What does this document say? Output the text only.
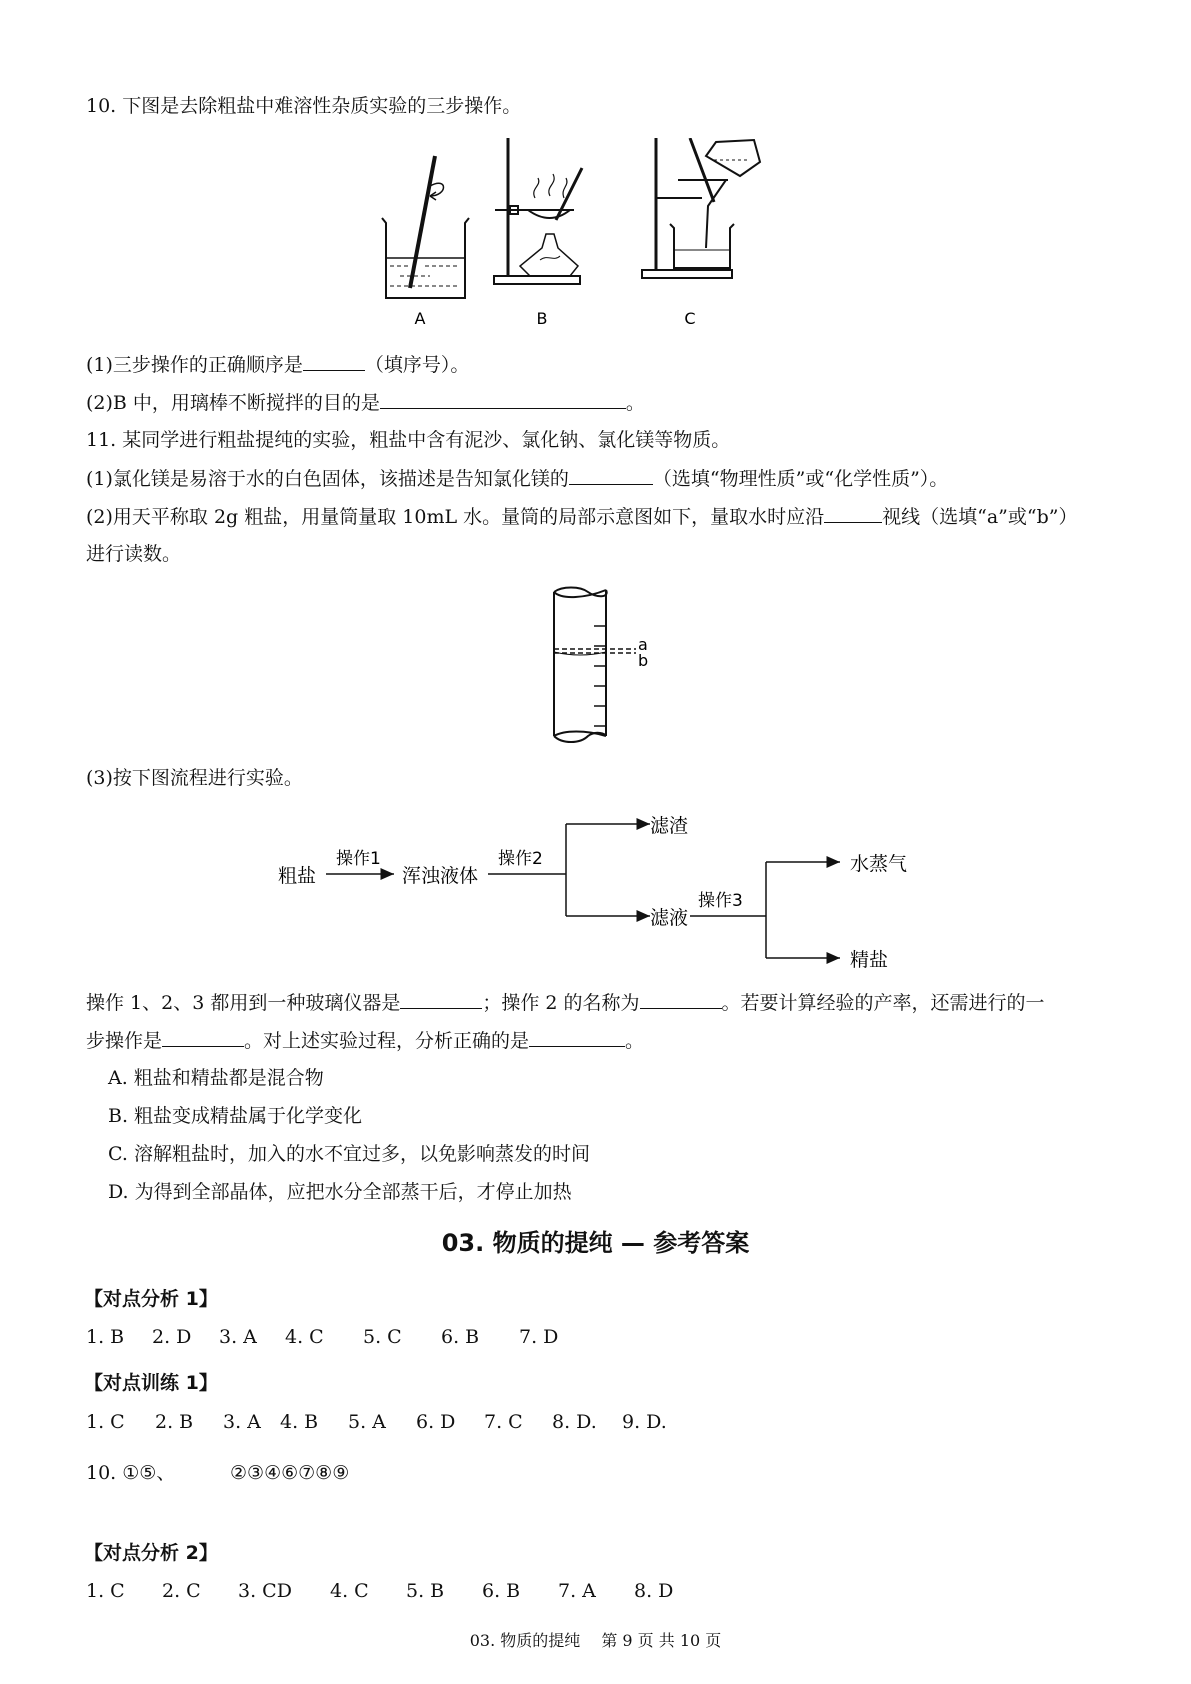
10. 下图是去除粗盐中难溶性杂质实验的三步操作。
A	B	C
(1)三步操作的正确顺序是	（填序号）。
(2)B 中，用璃棒不断搅拌的目的是	。
11. 某同学进行粗盐提纯的实验，粗盐中含有泥沙、氯化钠、氯化镁等物质。
(1)氯化镁是易溶于水的白色固体，该描述是告知氯化镁的	（选填“物理性质”或“化学性质”）。
(2)用天平称取 2g 粗盐，用量筒量取 10mL 水。量筒的局部示意图如下，量取水时应沿	视线（选填“a”或“b”）
进行读数。
a
b
(3)按下图流程进行实验。
粗盐
操作1
浑浊液体
操作2
滤渣
滤液
操作3
水蒸气
精盐
操作 1、2、3 都用到一种玻璃仪器是	；操作 2 的名称为	。若要计算经验的产率，还需进行的一
步操作是	。对上述实验过程，分析正确的是	。
A. 粗盐和精盐都是混合物
B. 粗盐变成精盐属于化学变化
C. 溶解粗盐时，加入的水不宜过多，以免影响蒸发的时间
D. 为得到全部晶体，应把水分全部蒸干后，才停止加热
03. 物质的提纯 — 参考答案
【对点分析 1】
1. B 2. D 3. A 4. C 5. C 6. B 7. D
【对点训练 1】
1. C 2. B 3. A 4. B 5. A 6. D 7. C 8. D. 9. D.
10. ①⑤、	②③④⑥⑦⑧⑨
【对点分析 2】
1. C 2. C 3. CD 4. C 5. B 6. B 7. A 8. D
03. 物质的提纯　 第 9 页 共 10 页
